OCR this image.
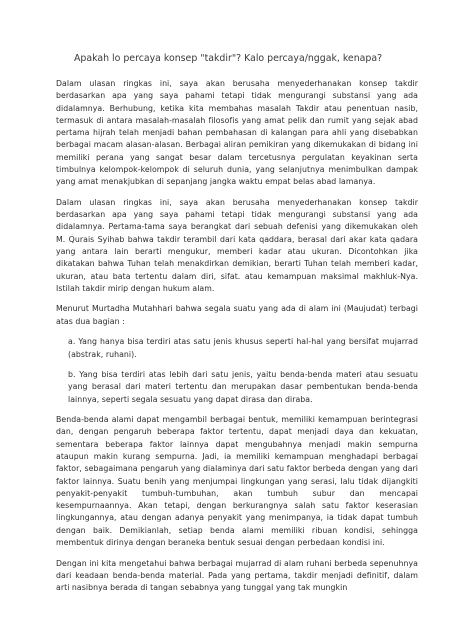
Apakah lo percaya konsep "takdir"? Kalo percaya/nggak, kenapa?

Dalam ulasan ringkas ini, saya akan berusaha menyederhanakan konsep takdir berdasarkan apa yang saya pahami tetapi tidak mengurangi substansi yang ada didalamnya. Berhubung, ketika kita membahas masalah Takdir atau penentuan nasib, termasuk di antara masalah-masalah filosofis yang amat pelik dan rumit yang sejak abad pertama hijrah telah menjadi bahan pembahasan di kalangan para ahli yang disebabkan berbagai macam alasan-alasan. Berbagai aliran pemikiran yang dikemukakan di bidang ini memiliki perana yang sangat besar dalam tercetusnya pergulatan keyakinan serta timbulnya kelompok-kelompok di seluruh dunia, yang selanjutnya menimbulkan dampak yang amat menakjubkan di sepanjang jangka waktu empat belas abad lamanya.

Dalam ulasan ringkas ini, saya akan berusaha menyederhanakan konsep takdir berdasarkan apa yang saya pahami tetapi tidak mengurangi substansi yang ada didalamnya. Pertama-tama saya berangkat dari sebuah defenisi yang dikemukakan oleh M. Qurais Syihab bahwa takdir terambil dari kata qaddara, berasal dari akar kata qadara yang antara lain berarti mengukur, memberi kadar atau ukuran. Dicontohkan jika dikatakan bahwa Tuhan telah menakdirkan demikian, berarti Tuhan telah memberi kadar, ukuran, atau bata tertentu dalam diri, sifat. atau kemampuan maksimal makhluk-Nya. Istilah takdir mirip dengan hukum alam.

Menurut Murtadha Mutahhari bahwa segala suatu yang ada di alam ini (Maujudat) terbagi atas dua bagian :

a. Yang hanya bisa terdiri atas satu jenis khusus seperti hal-hal yang bersifat mujarrad (abstrak, ruhani).

b. Yang bisa terdiri atas lebih dari satu jenis, yaitu benda-benda materi atau sesuatu yang berasal dari materi tertentu dan merupakan dasar pembentukan benda-benda lainnya, seperti segala sesuatu yang dapat dirasa dan diraba.

Benda-benda alami dapat mengambil berbagai bentuk, memiliki kemampuan berintegrasi dan, dengan pengaruh beberapa faktor tertentu, dapat menjadi daya dan kekuatan, sementara beberapa faktor lainnya dapat mengubahnya menjadi makin sempurna ataupun makin kurang sempurna. Jadi, ia memiliki kemampuan menghadapi berbagai faktor, sebagaimana pengaruh yang dialaminya dari satu faktor berbeda dengan yang dari faktor lainnya. Suatu benih yang menjumpai lingkungan yang serasi, lalu tidak dijangkiti penyakit-penyakit tumbuh-tumbuhan, akan tumbuh subur dan mencapai kesempurnaannya. Akan tetapi, dengan berkurangnya salah satu faktor keserasian lingkungannya, atau dengan adanya penyakit yang menimpanya, ia tidak dapat tumbuh dengan baik. Demikianlah, setiap benda alami memiliki ribuan kondisi, sehingga membentuk dirinya dengan beraneka bentuk sesuai dengan perbedaan kondisi ini.

Dengan ini kita mengetahui bahwa berbagai mujarrad di alam ruhani berbeda sepenuhnya dari keadaan benda-benda material. Pada yang pertama, takdir menjadi definitif, dalam arti nasibnya berada di tangan sebabnya yang tunggal yang tak mungkin
